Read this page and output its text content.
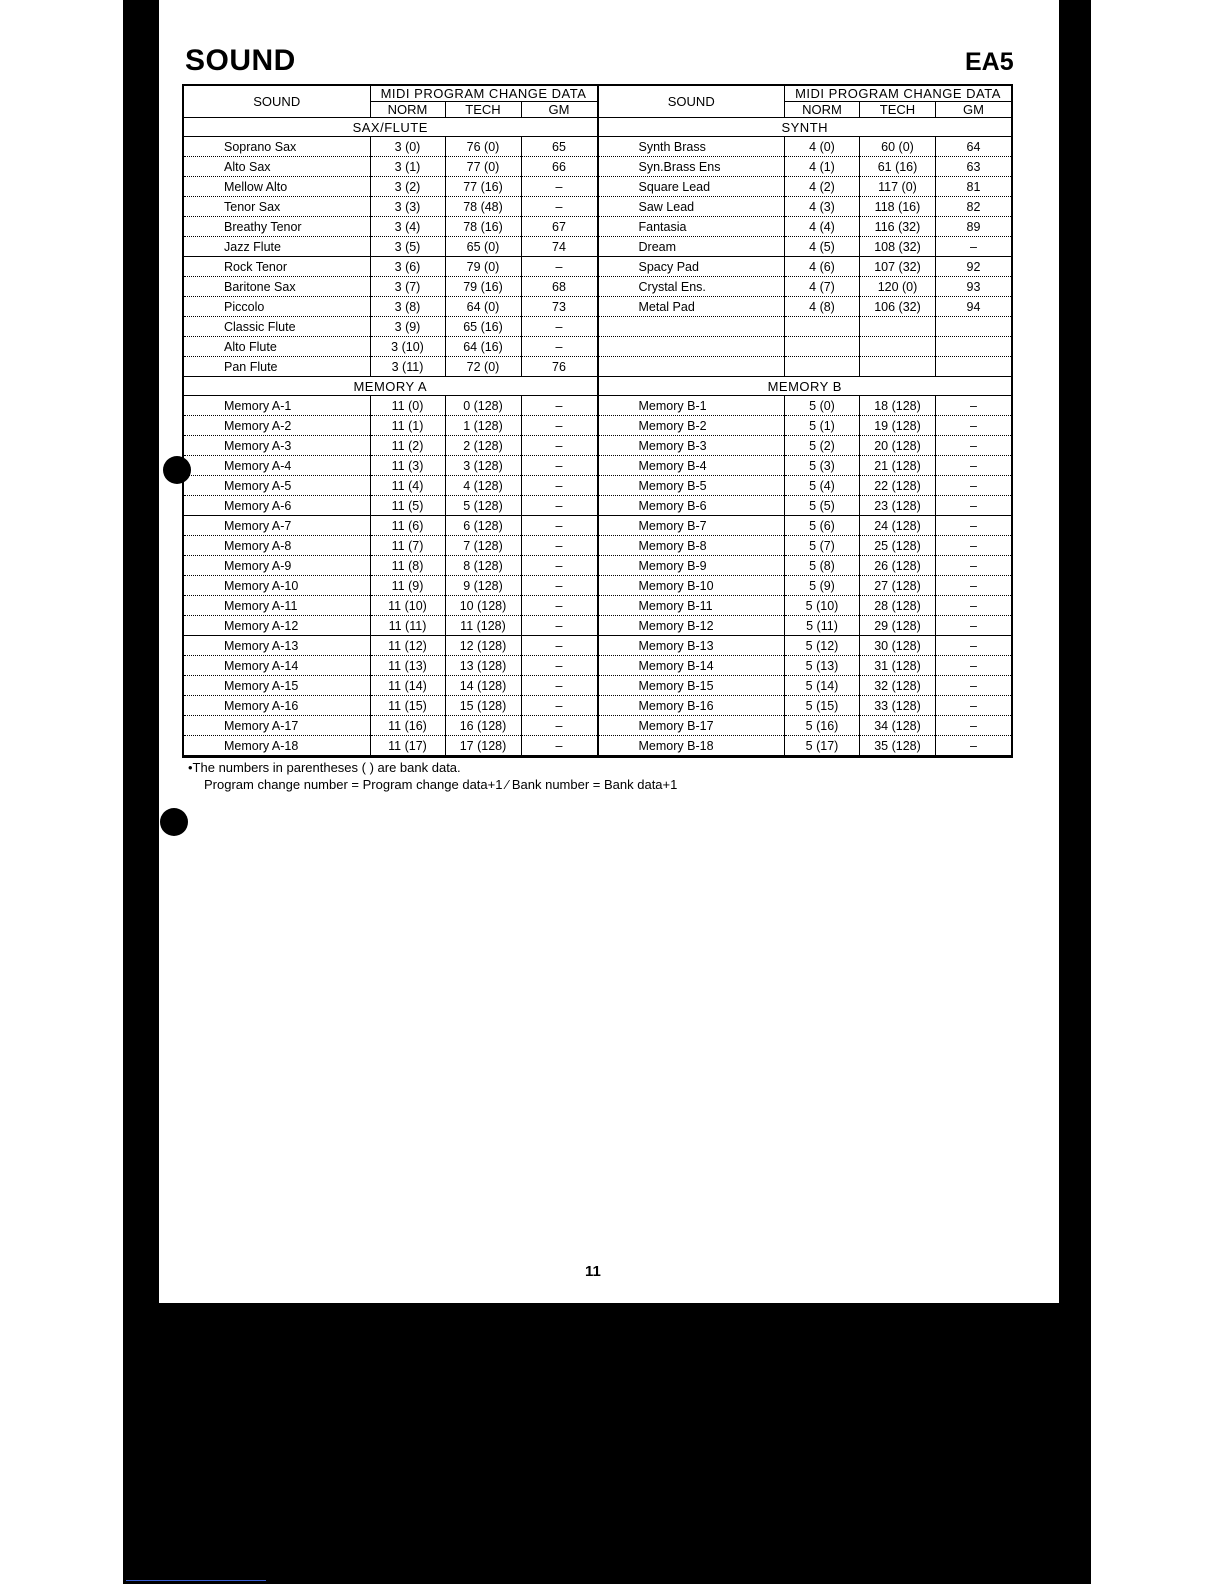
SOUND	EA5
SOUND	MIDI PROGRAM CHANGE DATA		
	NORM	TECH	GM
SAX/FLUTE			
Soprano Sax	3 (0)	76 (0)	65
Alto Sax	3 (1)	77 (0)	66
Mellow Alto	3 (2)	77 (16)	–
Tenor Sax	3 (3)	78 (48)	–
Breathy Tenor	3 (4)	78 (16)	67
Jazz Flute	3 (5)	65 (0)	74
Rock Tenor	3 (6)	79 (0)	–
Baritone Sax	3 (7)	79 (16)	68
Piccolo	3 (8)	64 (0)	73
Classic Flute	3 (9)	65 (16)	–
Alto Flute	3 (10)	64 (16)	–
Pan Flute	3 (11)	72 (0)	76
MEMORY A			
Memory A-1	11 (0)	0 (128)	–
Memory A-2	11 (1)	1 (128)	–
Memory A-3	11 (2)	2 (128)	–
Memory A-4	11 (3)	3 (128)	–
Memory A-5	11 (4)	4 (128)	–
Memory A-6	11 (5)	5 (128)	–
Memory A-7	11 (6)	6 (128)	–
Memory A-8	11 (7)	7 (128)	–
Memory A-9	11 (8)	8 (128)	–
Memory A-10	11 (9)	9 (128)	–
Memory A-11	11 (10)	10 (128)	–
Memory A-12	11 (11)	11 (128)	–
Memory A-13	11 (12)	12 (128)	–
Memory A-14	11 (13)	13 (128)	–
Memory A-15	11 (14)	14 (128)	–
Memory A-16	11 (15)	15 (128)	–
Memory A-17	11 (16)	16 (128)	–
Memory A-18	11 (17)	17 (128)	–
SOUND	MIDI PROGRAM CHANGE DATA		
	NORM	TECH	GM
SYNTH			
Synth Brass	4 (0)	60 (0)	64
Syn.Brass Ens	4 (1)	61 (16)	63
Square Lead	4 (2)	117 (0)	81
Saw Lead	4 (3)	118 (16)	82
Fantasia	4 (4)	116 (32)	89
Dream	4 (5)	108 (32)	–
Spacy Pad	4 (6)	107 (32)	92
Crystal Ens.	4 (7)	120 (0)	93
Metal Pad	4 (8)	106 (32)	94

MEMORY B			
Memory B-1	5 (0)	18 (128)	–
Memory B-2	5 (1)	19 (128)	–
Memory B-3	5 (2)	20 (128)	–
Memory B-4	5 (3)	21 (128)	–
Memory B-5	5 (4)	22 (128)	–
Memory B-6	5 (5)	23 (128)	–
Memory B-7	5 (6)	24 (128)	–
Memory B-8	5 (7)	25 (128)	–
Memory B-9	5 (8)	26 (128)	–
Memory B-10	5 (9)	27 (128)	–
Memory B-11	5 (10)	28 (128)	–
Memory B-12	5 (11)	29 (128)	–
Memory B-13	5 (12)	30 (128)	–
Memory B-14	5 (13)	31 (128)	–
Memory B-15	5 (14)	32 (128)	–
Memory B-16	5 (15)	33 (128)	–
Memory B-17	5 (16)	34 (128)	–
Memory B-18	5 (17)	35 (128)	–
•The numbers in parentheses ( ) are bank data.
Program change number = Program change data+1 ⁄ Bank number = Bank data+1
11
